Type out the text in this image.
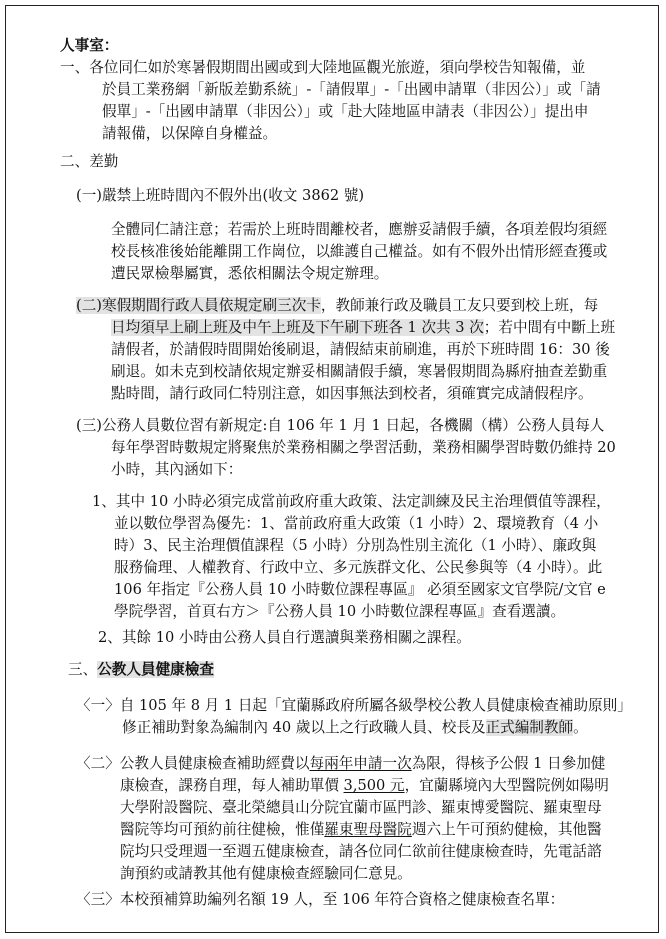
人事室：
一、各位同仁如於寒暑假期間出國或到大陸地區觀光旅遊，須向學校告知報備，並
於員工業務網「新版差勤系統」-「請假單」-「出國申請單（非因公）」或「請
假單」-「出國申請單（非因公）」或「赴大陸地區申請表（非因公）」提出申
請報備，以保障自身權益。
二、差勤
(一)嚴禁上班時間內不假外出(收文 3862 號)
全體同仁請注意；若需於上班時間離校者，應辦妥請假手續，各項差假均須經
校長核准後始能離開工作崗位，以維護自己權益。如有不假外出情形經查獲或
遭民眾檢舉屬實，悉依相關法令規定辦理。
(二)寒假期間行政人員依規定刷三次卡，教師兼行政及職員工友只要到校上班，每
日均須早上刷上班及中午上班及下午刷下班各 1 次共 3 次；若中間有中斷上班
請假者，於請假時間開始後刷退，請假結束前刷進，再於下班時間 16：30 後
刷退。如未克到校請依規定辦妥相關請假手續，寒暑假期間為縣府抽查差勤重
點時間，請行政同仁特別注意，如因事無法到校者，須確實完成請假程序。
(三)公務人員數位習有新規定:自 106 年 1 月 1 日起，各機關（構）公務人員每人
每年學習時數規定將聚焦於業務相關之學習活動，業務相關學習時數仍維持 20
小時，其內涵如下：
1、其中 10 小時必須完成當前政府重大政策、法定訓練及民主治理價值等課程，
並以數位學習為優先：1、當前政府重大政策（1 小時）2、環境教育（4 小
時）3、民主治理價值課程（5 小時）分別為性別主流化（1 小時）、廉政與
服務倫理、人權教育、行政中立、多元族群文化、公民參與等（4 小時）。此
106 年指定『公務人員 10 小時數位課程專區』 必須至國家文官學院/文官 e
學院學習，首頁右方＞『公務人員 10 小時數位課程專區』查看選讀。
2、其餘 10 小時由公務人員自行選讀與業務相關之課程。
三、公教人員健康檢查
〈一〉自 105 年 8 月 1 日起「宜蘭縣政府所屬各級學校公教人員健康檢查補助原則」
修正補助對象為編制內 40 歲以上之行政職人員、校長及正式編制教師。
〈二〉公教人員健康檢查補助經費以每兩年申請一次為限，得核予公假 1 日參加健
康檢查，課務自理，每人補助單價 3,500 元，宜蘭縣境內大型醫院例如陽明
大學附設醫院、臺北榮總員山分院宜蘭市區門診、羅東博愛醫院、羅東聖母
醫院等均可預約前往健檢，惟僅羅東聖母醫院週六上午可預約健檢，其他醫
院均只受理週一至週五健康檢查，請各位同仁欲前往健康檢查時，先電話諮
詢預約或請教其他有健康檢查經驗同仁意見。
〈三〉本校預補算助編列名額 19 人，至 106 年符合資格之健康檢查名單：
